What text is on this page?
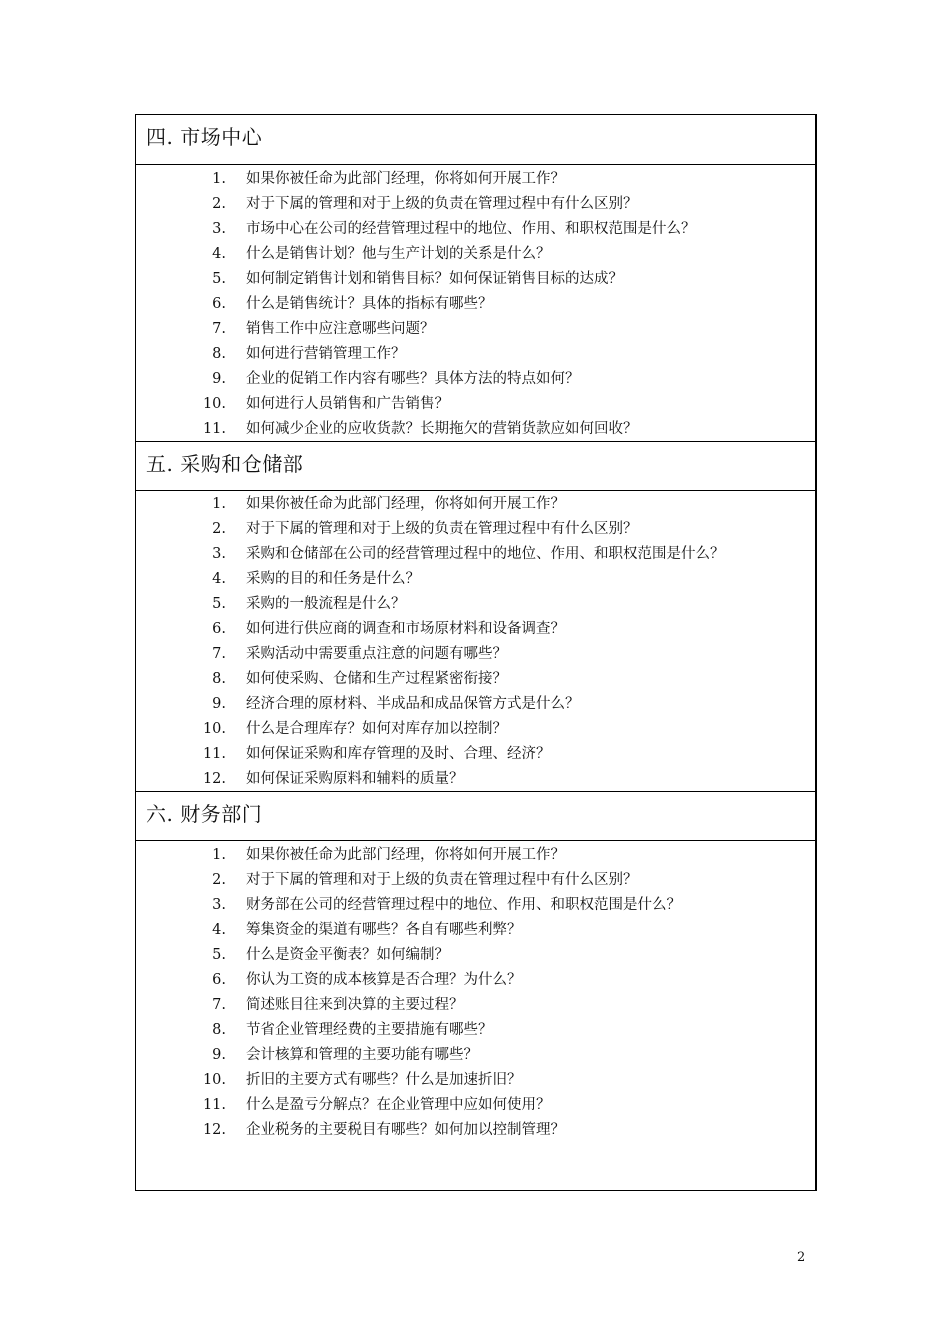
四. 市场中心
1. 如果你被任命为此部门经理，你将如何开展工作？
2. 对于下属的管理和对于上级的负责在管理过程中有什么区别？
3. 市场中心在公司的经营管理过程中的地位、作用、和职权范围是什么？
4. 什么是销售计划？他与生产计划的关系是什么？
5. 如何制定销售计划和销售目标？如何保证销售目标的达成？
6. 什么是销售统计？具体的指标有哪些？
7. 销售工作中应注意哪些问题？
8. 如何进行营销管理工作？
9. 企业的促销工作内容有哪些？具体方法的特点如何？
10. 如何进行人员销售和广告销售？
11. 如何减少企业的应收货款？长期拖欠的营销货款应如何回收？
五. 采购和仓储部
1. 如果你被任命为此部门经理，你将如何开展工作？
2. 对于下属的管理和对于上级的负责在管理过程中有什么区别？
3. 采购和仓储部在公司的经营管理过程中的地位、作用、和职权范围是什么？
4. 采购的目的和任务是什么？
5. 采购的一般流程是什么？
6. 如何进行供应商的调查和市场原材料和设备调查？
7. 采购活动中需要重点注意的问题有哪些？
8. 如何使采购、仓储和生产过程紧密衔接？
9. 经济合理的原材料、半成品和成品保管方式是什么？
10. 什么是合理库存？如何对库存加以控制？
11. 如何保证采购和库存管理的及时、合理、经济？
12. 如何保证采购原料和辅料的质量？
六. 财务部门
1. 如果你被任命为此部门经理，你将如何开展工作？
2. 对于下属的管理和对于上级的负责在管理过程中有什么区别？
3. 财务部在公司的经营管理过程中的地位、作用、和职权范围是什么？
4. 筹集资金的渠道有哪些？各自有哪些利弊？
5. 什么是资金平衡表？如何编制？
6. 你认为工资的成本核算是否合理？为什么？
7. 简述账目往来到决算的主要过程？
8. 节省企业管理经费的主要措施有哪些？
9. 会计核算和管理的主要功能有哪些？
10. 折旧的主要方式有哪些？什么是加速折旧？
11. 什么是盈亏分解点？在企业管理中应如何使用？
12. 企业税务的主要税目有哪些？如何加以控制管理？
2
